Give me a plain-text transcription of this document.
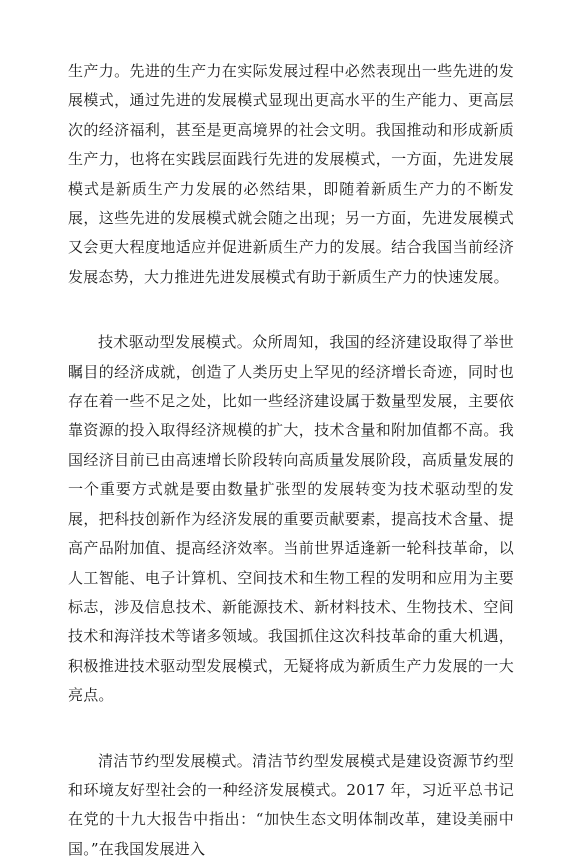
生产力。先进的生产力在实际发展过程中必然表现出一些先进的发展模式，通过先进的发展模式显现出更高水平的生产能力、更高层次的经济福利，甚至是更高境界的社会文明。我国推动和形成新质生产力，也将在实践层面践行先进的发展模式，一方面，先进发展模式是新质生产力发展的必然结果，即随着新质生产力的不断发展，这些先进的发展模式就会随之出现；另一方面，先进发展模式又会更大程度地适应并促进新质生产力的发展。结合我国当前经济发展态势，大力推进先进发展模式有助于新质生产力的快速发展。

技术驱动型发展模式。众所周知，我国的经济建设取得了举世瞩目的经济成就，创造了人类历史上罕见的经济增长奇迹，同时也存在着一些不足之处，比如一些经济建设属于数量型发展，主要依靠资源的投入取得经济规模的扩大，技术含量和附加值都不高。我国经济目前已由高速增长阶段转向高质量发展阶段，高质量发展的一个重要方式就是要由数量扩张型的发展转变为技术驱动型的发展，把科技创新作为经济发展的重要贡献要素，提高技术含量、提高产品附加值、提高经济效率。当前世界适逢新一轮科技革命，以人工智能、电子计算机、空间技术和生物工程的发明和应用为主要标志，涉及信息技术、新能源技术、新材料技术、生物技术、空间技术和海洋技术等诸多领域。我国抓住这次科技革命的重大机遇，积极推进技术驱动型发展模式，无疑将成为新质生产力发展的一大亮点。

清洁节约型发展模式。清洁节约型发展模式是建设资源节约型和环境友好型社会的一种经济发展模式。2017 年，习近平总书记在党的十九大报告中指出：“加快生态文明体制改革，建设美丽中国。”在我国发展进入
